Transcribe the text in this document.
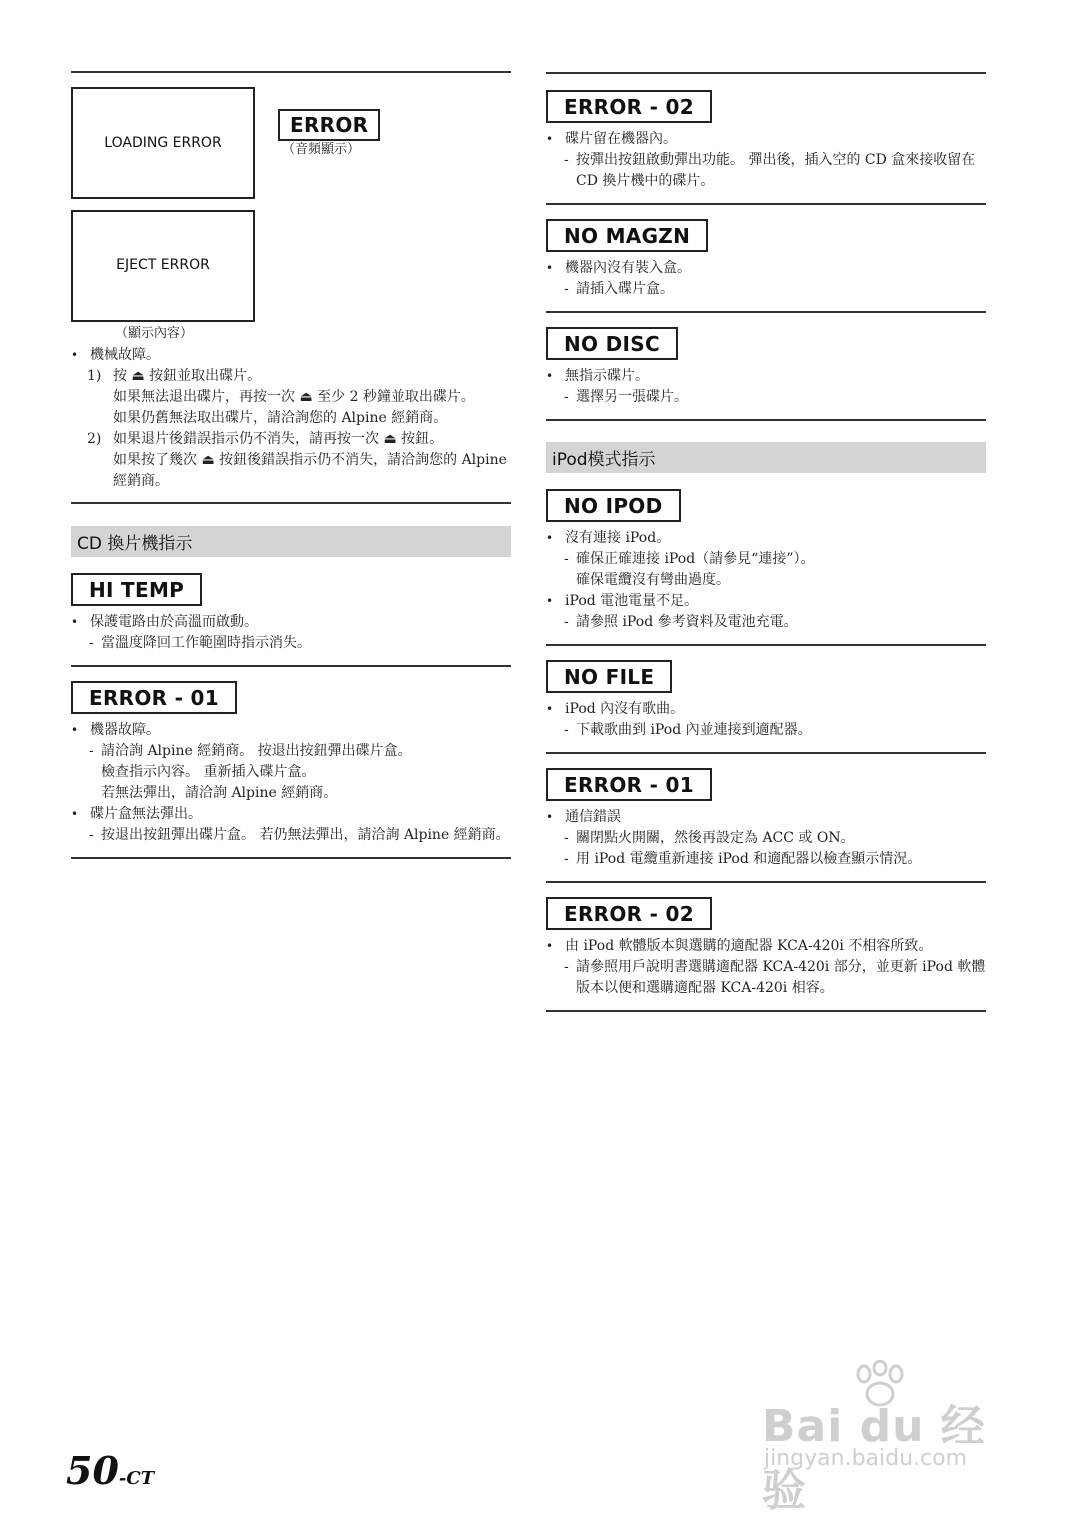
LOADING ERROR
EJECT ERROR
ERROR
（音頻顯示）
（顯示內容）
• 機械故障。
1) 按 ⏏ 按鈕並取出碟片。
如果無法退出碟片，再按一次 ⏏ 至少 2 秒鐘並取出碟片。
如果仍舊無法取出碟片，請洽詢您的 Alpine 經銷商。
2) 如果退片後錯誤指示仍不消失，請再按一次 ⏏ 按鈕。
如果按了幾次 ⏏ 按鈕後錯誤指示仍不消失，請洽詢您的 Alpine 經銷商。
CD 換片機指示
HI TEMP
• 保護電路由於高溫而啟動。
- 當溫度降回工作範圍時指示消失。
ERROR - 01
• 機器故障。
- 請洽詢 Alpine 經銷商。 按退出按鈕彈出碟片盒。
檢查指示內容。 重新插入碟片盒。
若無法彈出，請洽詢 Alpine 經銷商。
• 碟片盒無法彈出。
- 按退出按鈕彈出碟片盒。 若仍無法彈出，請洽詢 Alpine 經銷商。
ERROR - 02
• 碟片留在機器內。
- 按彈出按鈕啟動彈出功能。 彈出後，插入空的 CD 盒來接收留在 CD 換片機中的碟片。
NO MAGZN
• 機器內沒有裝入盒。
- 請插入碟片盒。
NO DISC
• 無指示碟片。
- 選擇另一張碟片。
iPod模式指示
NO IPOD
• 沒有連接 iPod。
- 確保正確連接 iPod（請參見“連接”）。
確保電纜沒有彎曲過度。
• iPod 電池電量不足。
- 請參照 iPod 參考資料及電池充電。
NO FILE
• iPod 內沒有歌曲。
- 下載歌曲到 iPod 內並連接到適配器。
ERROR - 01
• 通信錯誤
- 關閉點火開關，然後再設定為 ACC 或 ON。
- 用 iPod 電纜重新連接 iPod 和適配器以檢查顯示情況。
ERROR - 02
• 由 iPod 軟體版本與選購的適配器 KCA-420i 不相容所致。
- 請參照用戶說明書選購適配器 KCA-420i 部分，並更新 iPod 軟體版本以便和選購適配器 KCA-420i 相容。
50-CT
Bai du 经验
jingyan.baidu.com
